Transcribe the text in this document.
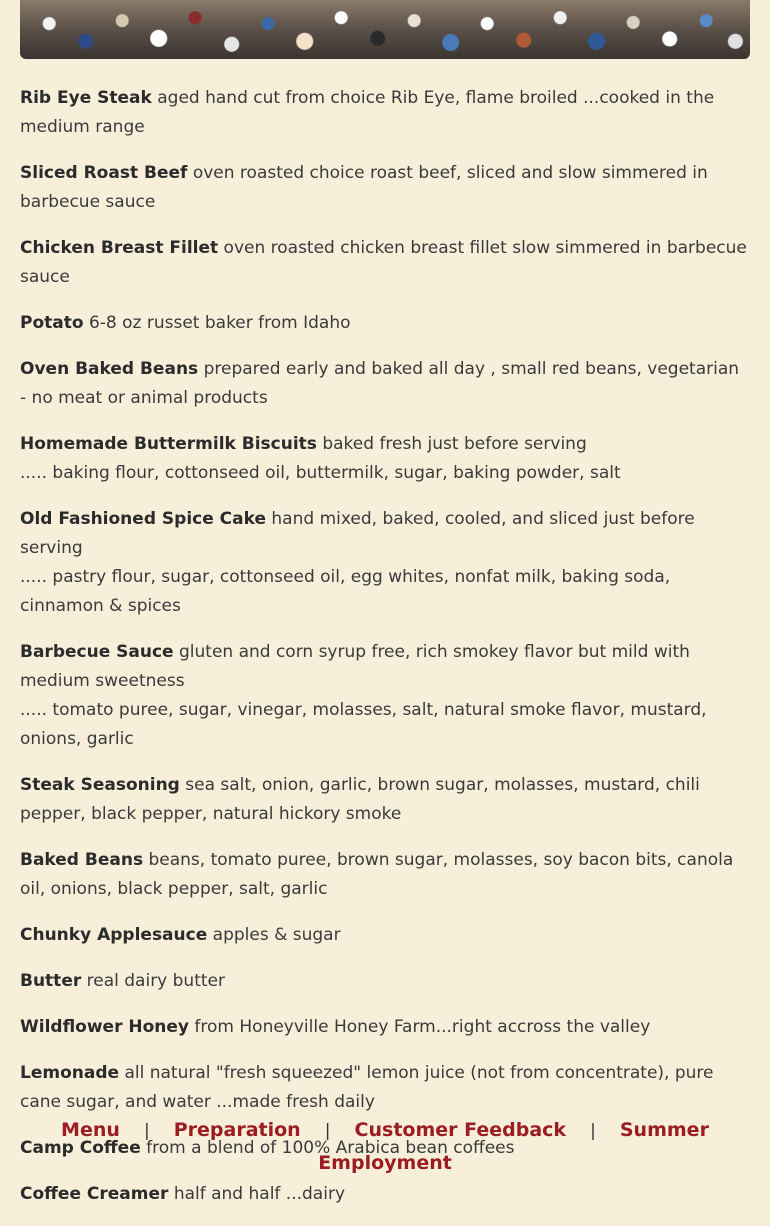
Rib Eye Steak aged hand cut from choice Rib Eye, flame broiled ...cooked in the medium range
Sliced Roast Beef oven roasted choice roast beef, sliced and slow simmered in barbecue sauce
Chicken Breast Fillet oven roasted chicken breast fillet slow simmered in barbecue sauce
Potato 6-8 oz russet baker from Idaho
Oven Baked Beans prepared early and baked all day , small red beans, vegetarian - no meat or animal products
Homemade Buttermilk Biscuits baked fresh just before serving
..... baking flour, cottonseed oil, buttermilk, sugar, baking powder, salt
Old Fashioned Spice Cake hand mixed, baked, cooled, and sliced just before serving
..... pastry flour, sugar, cottonseed oil, egg whites, nonfat milk, baking soda, cinnamon & spices
Barbecue Sauce gluten and corn syrup free, rich smokey flavor but mild with medium sweetness
..... tomato puree, sugar, vinegar, molasses, salt, natural smoke flavor, mustard, onions, garlic
Steak Seasoning sea salt, onion, garlic, brown sugar, molasses, mustard, chili pepper, black pepper, natural hickory smoke
Baked Beans beans, tomato puree, brown sugar, molasses, soy bacon bits, canola oil, onions, black pepper, salt, garlic
Chunky Applesauce apples & sugar
Butter real dairy butter
Wildflower Honey from Honeyville Honey Farm...right accross the valley
Lemonade all natural "fresh squeezed" lemon juice (not from concentrate), pure cane sugar, and water ...made fresh daily
Camp Coffee from a blend of 100% Arabica bean coffees
Coffee Creamer half and half ...dairy
Menu | Preparation | Customer Feedback | Summer Employment
